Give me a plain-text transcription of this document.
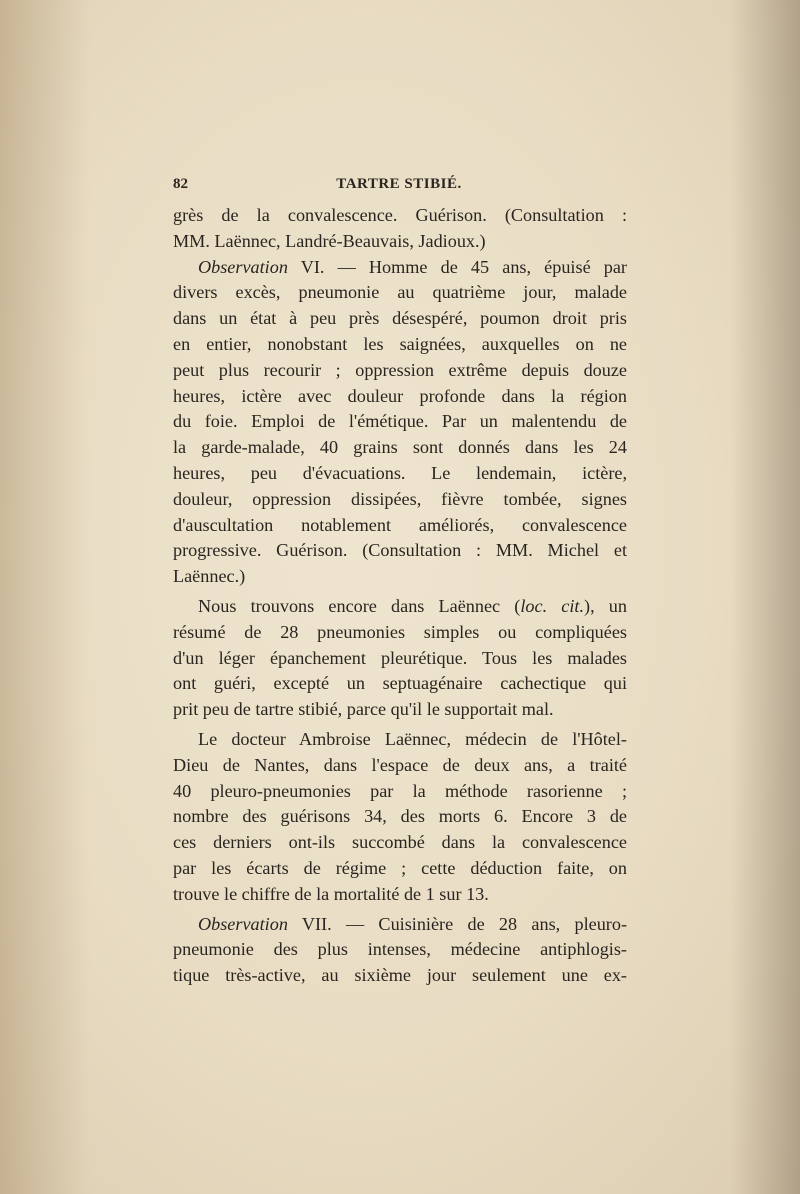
82	TARTRE STIBIÉ.
grès de la convalescence. Guérison. (Consultation :
MM. Laënnec, Landré-Beauvais, Jadioux.)
Observation VI. — Homme de 45 ans, épuisé par
divers excès, pneumonie au quatrième jour, malade
dans un état à peu près désespéré, poumon droit pris
en entier, nonobstant les saignées, auxquelles on ne
peut plus recourir ; oppression extrême depuis douze
heures, ictère avec douleur profonde dans la région
du foie. Emploi de l'émétique. Par un malentendu de
la garde-malade, 40 grains sont donnés dans les 24
heures, peu d'évacuations. Le lendemain, ictère,
douleur, oppression dissipées, fièvre tombée, signes
d'auscultation notablement améliorés, convalescence
progressive. Guérison. (Consultation : MM. Michel et
Laënnec.)
Nous trouvons encore dans Laënnec (loc. cit.), un
résumé de 28 pneumonies simples ou compliquées
d'un léger épanchement pleurétique. Tous les malades
ont guéri, excepté un septuagénaire cachectique qui
prit peu de tartre stibié, parce qu'il le supportait mal.
Le docteur Ambroise Laënnec, médecin de l'Hôtel-
Dieu de Nantes, dans l'espace de deux ans, a traité
40 pleuro-pneumonies par la méthode rasorienne ;
nombre des guérisons 34, des morts 6. Encore 3 de
ces derniers ont-ils succombé dans la convalescence
par les écarts de régime ; cette déduction faite, on
trouve le chiffre de la mortalité de 1 sur 13.
Observation VII. — Cuisinière de 28 ans, pleuro-
pneumonie des plus intenses, médecine antiphlogis-
tique très-active, au sixième jour seulement une ex-
